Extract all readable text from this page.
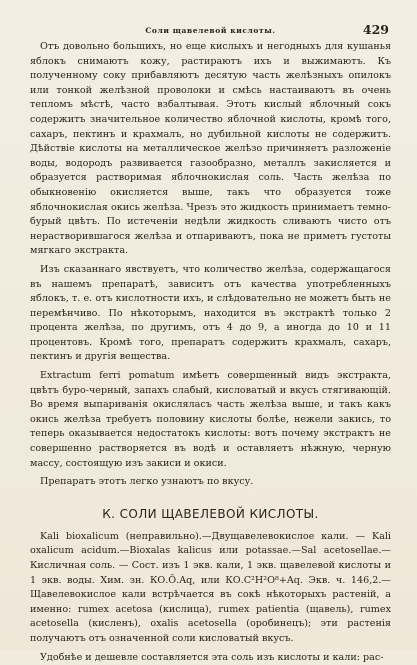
Соли щавелевой кислоты.	429

Отъ довольно большихъ, но еще кислыхъ и негодныхъ для кушанья яблокъ снимаютъ кожу, растираютъ ихъ и выжимаютъ. Къ полученному соку прибавляютъ десятую часть желѣзныхъ опилокъ или тонкой желѣзной проволоки и смѣсь настаиваютъ въ очень тепломъ мѣстѣ, часто взбалтывая. Этотъ кислый яблочный сокъ содержитъ значительное количество яблочной кислоты, кромѣ того, сахаръ, пектинъ и крахмалъ, но дубильной кислоты не содержитъ. Дѣйствіе кислоты на металлическое желѣзо причиняетъ разложеніе воды, водородъ развивается газообразно, металлъ закисляется и образуется растворимая яблочнокислая соль. Часть желѣза по обыкновенію окисляется выше, такъ что образуется тоже яблочнокислая окись желѣза. Чрезъ это жидкость принимаетъ темно-бурый цвѣтъ. По истеченіи недѣли жидкость сливаютъ чисто отъ нерастворившагося желѣза и отпариваютъ, пока не приметъ густоты мягкаго экстракта.

Изъ сказаннаго явствуетъ, что количество желѣза, содержащагося въ нашемъ препаратѣ, зависитъ отъ качества употребленныхъ яблокъ, т. е. отъ кислотности ихъ, и слѣдовательно не можетъ быть не перемѣнчиво. По нѣкоторымъ, находится въ экстрактѣ только 2 процента желѣза, по другимъ, отъ 4 до 9, а иногда до 10 и 11 процентовъ. Кромѣ того, препаратъ содержитъ крахмалъ, сахаръ, пектинъ и другія вещества.

Extractum ferri pomatum имѣетъ совершенный видъ экстракта, цвѣтъ буро-черный, запахъ слабый, кисловатый и вкусъ стягивающій. Во время выпариванія окисляласъ часть желѣза выше, и такъ какъ окись желѣза требуетъ половину кислоты болѣе, нежели закись, то теперь оказывается недостатокъ кислоты: вотъ почему экстрактъ не совершенно растворяется въ водѣ и оставляетъ нѣжную, черную массу, состоящую изъ закиси и окиси.

Препаратъ этотъ легко узнаютъ по вкусу.

К. СОЛИ ЩАВЕЛЕВОЙ КИСЛОТЫ.

Kali bioxalicum (неправильно).—Двущавелевокислое кали. — Kali oxalicum acidum.—Bioxalas kalicus или potassae.—Sal acetosellae.— Кисличная соль. — Сост. изъ 1 экв. кали, 1 экв. щавелевой кислоты и 1 экв. воды. Хим. зн. КО.Ō.Aq, или КО.C²H²O⁸+Aq. Экв. ч. 146,2.— Щавелевокислое кали встрѣчается въ сокѣ нѣкоторыхъ растеній, а именно: rumex acetosa (кислица), rumex patientia (щавель), rumex acetosella (кисленъ), oxalis acetosella (оробинецъ); эти растенія получаютъ отъ означенной соли кисловатый вкусъ.

Удобнѣе и дешевле составляется эта соль изъ кислоты и кали: рас-
